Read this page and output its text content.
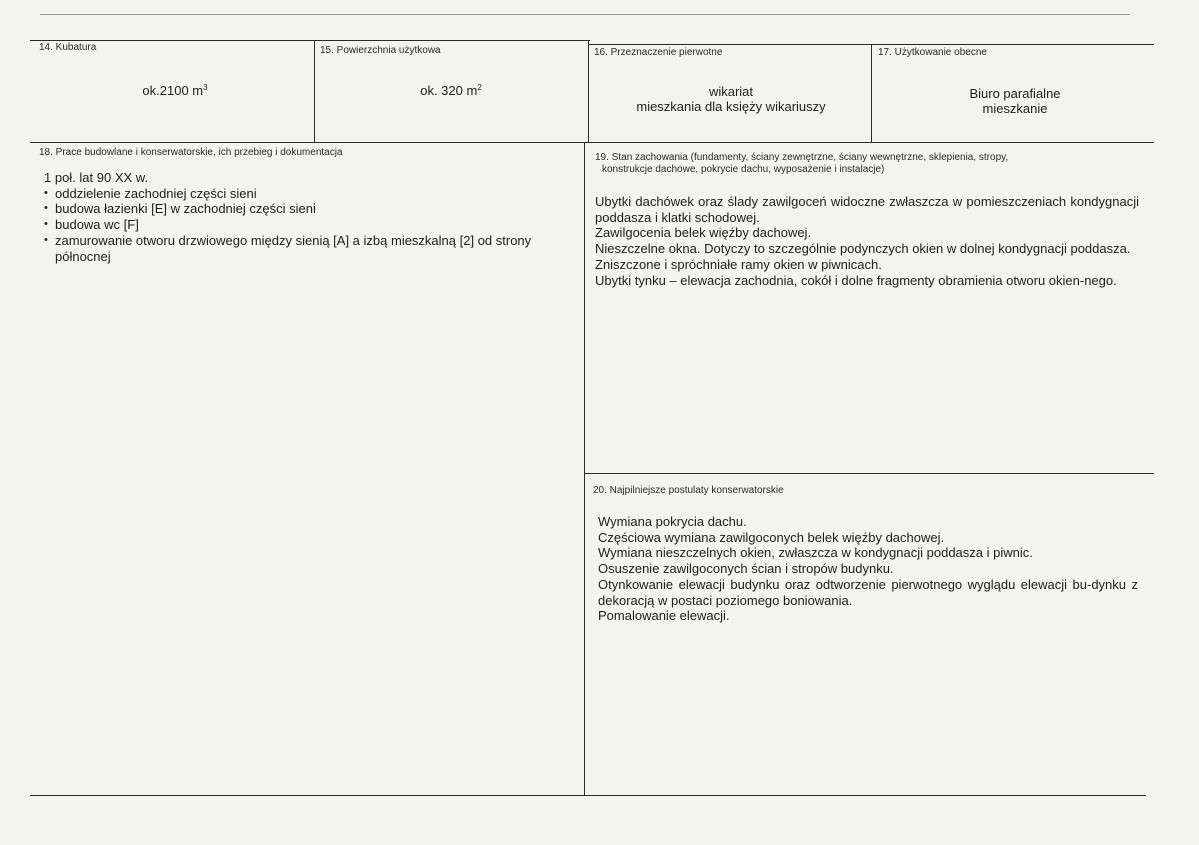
14. Kubatura
ok.2100 $m^3$
15. Powierzchnia użytkowa
ok. 320 $m^2$
16. Przeznaczenie pierwotne
wikariat
mieszkania dla księży wikariuszy
17. Użytkowanie obecne
Biuro parafialne
mieszkanie
18. Prace budowlane i konserwatorskie, ich przebieg i dokumentacja
1 poł. lat 90 XX w.
• oddzielenie zachodniej części sieni
• budowa łazienki [E] w zachodniej części sieni
• budowa wc [F]
• zamurowanie otworu drzwiowego między sienią [A] a izbą mieszkalną [2] od strony północnej
19. Stan zachowania (fundamenty, ściany zewnętrzne, ściany wewnętrzne, sklepienia, stropy,
konstrukcje dachowe, pokrycie dachu, wyposażenie i instalacje)

Ubytki dachówek oraz ślady zawilgoceń widoczne zwłaszcza w pomieszczeniach kondygnacji poddasza i klatki schodowej.

Zawilgocenia belek więźby dachowej.

Nieszczelne okna. Dotyczy to szczególnie podynczych okien w dolnej kondygnacji poddasza.

Zniszczone i spróchniałe ramy okien w piwnicach.

Ubytki tynku – elewacja zachodnia, cokół i dolne fragmenty obramienia otworu okien-nego.

20. Najpilniejsze postulaty konserwatorskie

Wymiana pokrycia dachu.

Częściowa wymiana zawilgoconych belek więźby dachowej.

Wymiana nieszczelnych okien, zwłaszcza w kondygnacji poddasza i piwnic.

Osuszenie zawilgoconych ścian i stropów budynku.

Otynkowanie elewacji budynku oraz odtworzenie pierwotnego wyglądu elewacji bu-dynku z dekoracją w postaci poziomego boniowania.

Pomalowanie elewacji.
